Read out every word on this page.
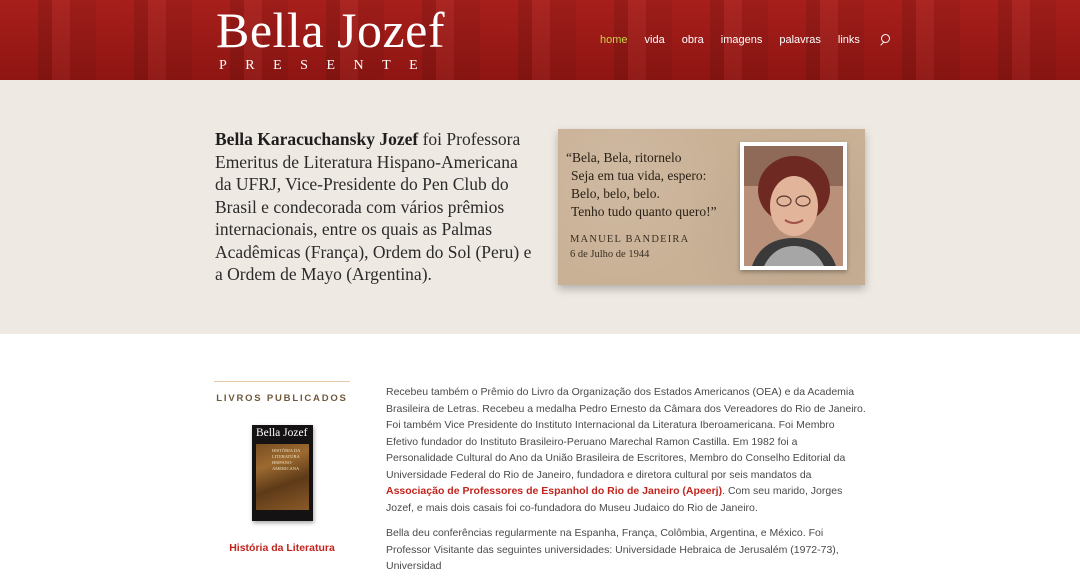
Bella Jozef
PRESENTE
home vida obra imagens palavras links

Bella Karacuchansky Jozef foi Professora Emeritus de Literatura Hispano-Americana da UFRJ, Vice-Presidente do Pen Club do Brasil e condecorada com vários prêmios internacionais, entre os quais as Palmas Acadêmicas (França), Ordem do Sol (Peru) e a Ordem de Mayo (Argentina).

“Bela, Bela, ritornelo
Seja em tua vida, espero:
Belo, belo, belo.
Tenho tudo quanto quero!”
MANUEL BANDEIRA
6 de Julho de 1944
LIVROS PUBLICADOS
Bella Jozef
HISTÓRIA DA
LITERATURA
HISPANO-
AMERICANA
História da Literatura

Recebeu também o Prêmio do Livro da Organização dos Estados Americanos (OEA) e da Academia Brasileira de Letras. Recebeu a medalha Pedro Ernesto da Câmara dos Vereadores do Rio de Janeiro. Foi também Vice Presidente do Instituto Internacional da Literatura Iberoamericana. Foi Membro Efetivo fundador do Instituto Brasileiro-Peruano Marechal Ramon Castilla. Em 1982 foi a Personalidade Cultural do Ano da União Brasileira de Escritores, Membro do Conselho Editorial da Universidade Federal do Rio de Janeiro, fundadora e diretora cultural por seis mandatos da Associação de Professores de Espanhol do Rio de Janeiro (Apeerj). Com seu marido, Jorges Jozef, e mais dois casais foi co-fundadora do Museu Judaico do Rio de Janeiro.

Bella deu conferências regularmente na Espanha, França, Colômbia, Argentina, e México. Foi Professor Visitante das seguintes universidades: Universidade Hebraica de Jerusalém (1972-73), Universidad
